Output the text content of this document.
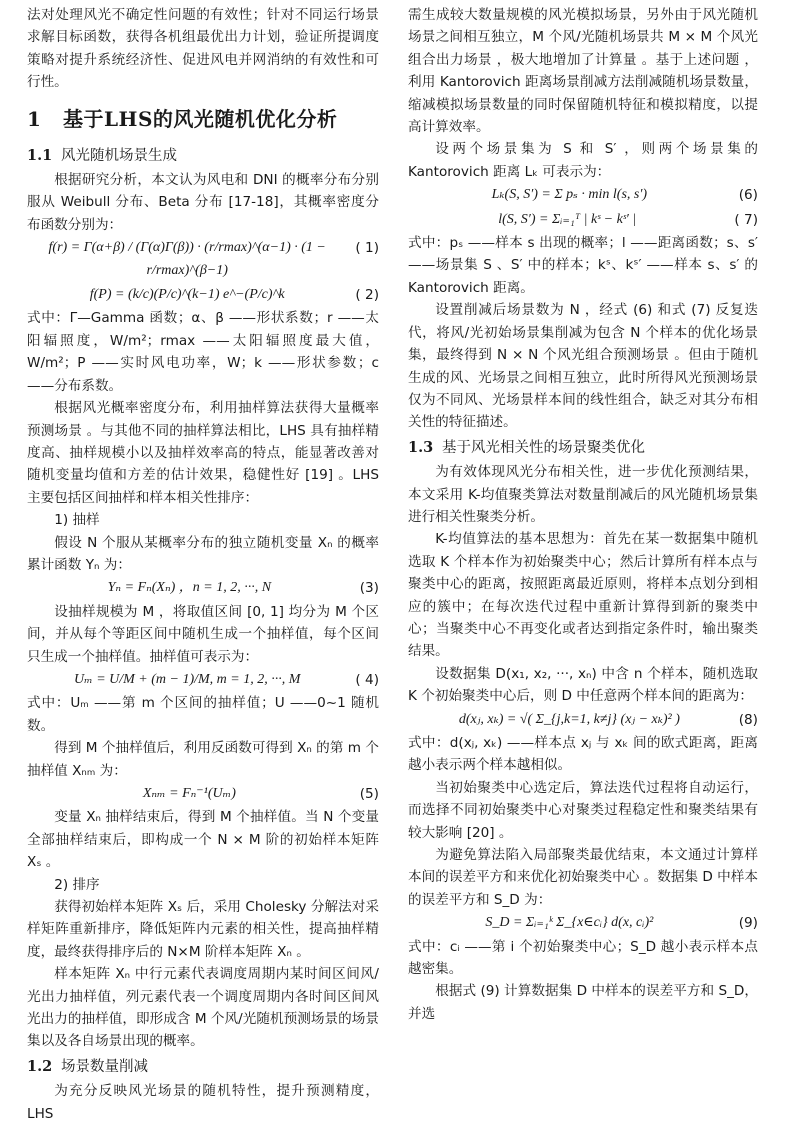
法对处理风光不确定性问题的有效性；针对不同运行场景求解目标函数，获得各机组最优出力计划，验证所提调度策略对提升系统经济性、促进风电并网消纳的有效性和可行性。
1 基于LHS的风光随机优化分析
1.1 风光随机场景生成
根据研究分析，本文认为风电和 DNI 的概率分布分别服从 Weibull 分布、Beta 分布 [17-18]，其概率密度分布函数分别为：
f(r) = Γ(α+β) / (Γ(α)Γ(β)) · (r/rmax)^(α−1) · (1 − r/rmax)^(β−1)
( 1)
f(P) = (k/c)(P/c)^(k−1) e^−(P/c)^k	( 2)
式中：Γ—Gamma 函数；α、β ——形状系数；r ——太阳辐照度，W/m²；rmax ——太阳辐照度最大值，W/m²；P ——实时风电功率，W；k ——形状参数；c ——分布系数。
根据风光概率密度分布，利用抽样算法获得大量概率预测场景 。与其他不同的抽样算法相比，LHS 具有抽样精度高、抽样规模小以及抽样效率高的特点，能显著改善对随机变量均值和方差的估计效果，稳健性好 [19] 。LHS 主要包括区间抽样和样本相关性排序：
1) 抽样
假设 N 个服从某概率分布的独立随机变量 Xₙ 的概率累计函数 Yₙ 为：
Yₙ = Fₙ(Xₙ) ，n = 1, 2, ···, N	(3)
设抽样规模为 M ，将取值区间 [0, 1] 均分为 M 个区间，并从每个等距区间中随机生成一个抽样值，每个区间只生成一个抽样值。抽样值可表示为：
Uₘ = U/M + (m − 1)/M, m = 1, 2, ···, M	( 4)
式中：Uₘ ——第 m 个区间的抽样值；U ——0~1 随机数。
得到 M 个抽样值后，利用反函数可得到 Xₙ 的第 m 个抽样值 Xₙₘ 为：
Xₙₘ = Fₙ⁻¹(Uₘ)	(5)
变量 Xₙ 抽样结束后，得到 M 个抽样值。当 N 个变量全部抽样结束后，即构成一个 N × M 阶的初始样本矩阵 Xₛ 。
2) 排序
获得初始样本矩阵 Xₛ 后，采用 Cholesky 分解法对采样矩阵重新排序，降低矩阵内元素的相关性，提高抽样精度，最终获得排序后的 N×M 阶样本矩阵 Xₙ 。
样本矩阵 Xₙ 中行元素代表调度周期内某时间区间风/光出力抽样值，列元素代表一个调度周期内各时间区间风光出力的抽样值，即形成含 M 个风/光随机预测场景的场景集以及各自场景出现的概率。
1.2 场景数量削减
为充分反映风光场景的随机特性，提升预测精度，LHS
需生成较大数量规模的风光模拟场景，另外由于风光随机场景之间相互独立，M 个风/光随机场景共 M × M 个风光组合出力场景 ，极大地增加了计算量 。基于上述问题 ，利用 Kantorovich 距离场景削减方法削减随机场景数量，缩减模拟场景数量的同时保留随机特征和模拟精度，以提高计算效率。
设两个场景集为 S 和 S′ ，则两个场景集的 Kantorovich 距离 Lₖ 可表示为：
Lₖ(S, S′) = Σ pₛ · min l(s, s′)	(6)
l(S, S′) = Σᵢ₌₁ᵀ | kˢ − kˢ′ |	( 7)
式中：pₛ ——样本 s 出现的概率；l ——距离函数；s、s′ ——场景集 S 、S′ 中的样本；kˢ、kˢ′ ——样本 s、s′ 的 Kantorovich 距离。
设置削减后场景数为 N ，经式 (6) 和式 (7) 反复迭代，将风/光初始场景集削减为包含 N 个样本的优化场景集，最终得到 N × N 个风光组合预测场景 。但由于随机生成的风、光场景之间相互独立，此时所得风光预测场景仅为不同风、光场景样本间的线性组合，缺乏对其分布相关性的特征描述。
1.3 基于风光相关性的场景聚类优化
为有效体现风光分布相关性，进一步优化预测结果，本文采用 K-均值聚类算法对数量削减后的风光随机场景集进行相关性聚类分析。
K-均值算法的基本思想为：首先在某一数据集中随机选取 K 个样本作为初始聚类中心；然后计算所有样本点与聚类中心的距离，按照距离最近原则，将样本点划分到相应的簇中；在每次迭代过程中重新计算得到新的聚类中心；当聚类中心不再变化或者达到指定条件时，输出聚类结果。
设数据集 D(x₁, x₂, ···, xₙ) 中含 n 个样本，随机选取 K 个初始聚类中心后，则 D 中任意两个样本间的距离为：
d(xⱼ, xₖ) = √( Σ_{j,k=1, k≠j} (xⱼ − xₖ)² )	(8)
式中：d(xⱼ, xₖ) ——样本点 xⱼ 与 xₖ 间的欧式距离，距离越小表示两个样本越相似。
当初始聚类中心选定后，算法迭代过程将自动运行，而选择不同初始聚类中心对聚类过程稳定性和聚类结果有较大影响 [20] 。
为避免算法陷入局部聚类最优结束，本文通过计算样本间的误差平方和来优化初始聚类中心 。数据集 D 中样本的误差平方和 S_D 为：
S_D = Σᵢ₌₁ᵏ Σ_{x∈cᵢ} d(x, cᵢ)²	(9)
式中：cᵢ ——第 i 个初始聚类中心；S_D 越小表示样本点越密集。
根据式 (9) 计算数据集 D 中样本的误差平方和 S_D，并选
